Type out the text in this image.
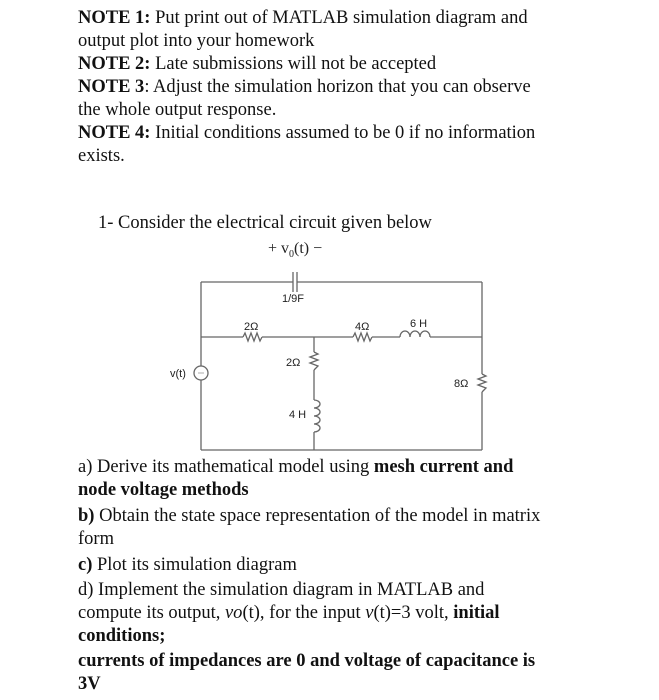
NOTE 1: Put print out of MATLAB simulation diagram and
output plot into your homework
NOTE 2: Late submissions will not be accepted
NOTE 3: Adjust the simulation horizon that you can observe
the whole output response.
NOTE 4: Initial conditions assumed to be 0 if no information
exists.
1- Consider the electrical circuit given below
+ $v_0(t)$ −
1/9F
2Ω	4Ω	6 H
2Ω
4 H
8Ω
v(t)
a) Derive its mathematical model using mesh current and
node voltage methods
b) Obtain the state space representation of the model in matrix
form
c) Plot its simulation diagram
d) Implement the simulation diagram in MATLAB and
compute its output, vo(t), for the input v(t)=3 volt, initial
conditions;
currents of impedances are 0 and voltage of capacitance is
3V
